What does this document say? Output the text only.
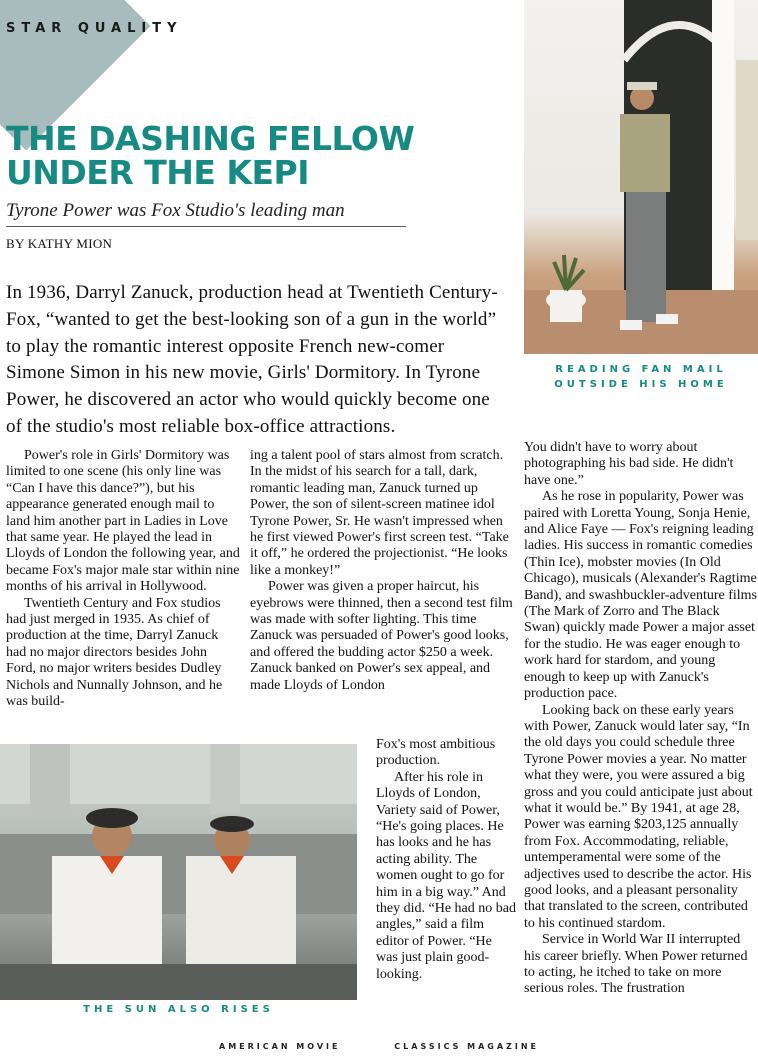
STAR QUALITY
THE DASHING FELLOW
UNDER THE KEPI
Tyrone Power was Fox Studio's leading man
BY KATHY MION
READING FAN MAIL
OUTSIDE HIS HOME
In 1936, Darryl Zanuck, production head at Twentieth Century-Fox, “wanted to get the best-looking son of a gun in the world” to play the romantic interest opposite French new-comer Simone Simon in his new movie, Girls' Dormitory. In Tyrone Power, he discovered an actor who would quickly become one of the studio's most reliable box-office attractions.

Power's role in Girls' Dormitory was limited to one scene (his only line was “Can I have this dance?”), but his appearance generated enough mail to land him another part in Ladies in Love that same year. He played the lead in Lloyds of London the following year, and became Fox's major male star within nine months of his arrival in Hollywood.

Twentieth Century and Fox studios had just merged in 1935. As chief of production at the time, Darryl Zanuck had no major directors besides John Ford, no major writers besides Dudley Nichols and Nunnally Johnson, and he was build-

ing a talent pool of stars almost from scratch. In the midst of his search for a tall, dark, romantic leading man, Zanuck turned up Power, the son of silent-screen matinee idol Tyrone Power, Sr. He wasn't impressed when he first viewed Power's first screen test. “Take it off,” he ordered the projectionist. “He looks like a monkey!”

Power was given a proper haircut, his eyebrows were thinned, then a second test film was made with softer lighting. This time Zanuck was persuaded of Power's good looks, and offered the budding actor $250 a week. Zanuck banked on Power's sex appeal, and made Lloyds of London

Fox's most ambitious production.

After his role in Lloyds of London, Variety said of Power, “He's going places. He has looks and he has acting ability. The women ought to go for him in a big way.” And they did. “He had no bad angles,” said a film editor of Power. “He was just plain good-looking.

You didn't have to worry about photographing his bad side. He didn't have one.”

As he rose in popularity, Power was paired with Loretta Young, Sonja Henie, and Alice Faye — Fox's reigning leading ladies. His success in romantic comedies (Thin Ice), mobster movies (In Old Chicago), musicals (Alexander's Ragtime Band), and swashbuckler-adventure films (The Mark of Zorro and The Black Swan) quickly made Power a major asset for the studio. He was eager enough to work hard for stardom, and young enough to keep up with Zanuck's production pace.

Looking back on these early years with Power, Zanuck would later say, “In the old days you could schedule three Tyrone Power movies a year. No matter what they were, you were assured a big gross and you could anticipate just about what it would be.” By 1941, at age 28, Power was earning $203,125 annually from Fox. Accommodating, reliable, untemperamental were some of the adjectives used to describe the actor. His good looks, and a pleasant personality that translated to the screen, contributed to his continued stardom.

Service in World War II interrupted his career briefly. When Power returned to acting, he itched to take on more serious roles. The frustration

THE SUN ALSO RISES
AMERICAN MOVIE	CLASSICS MAGAZINE
